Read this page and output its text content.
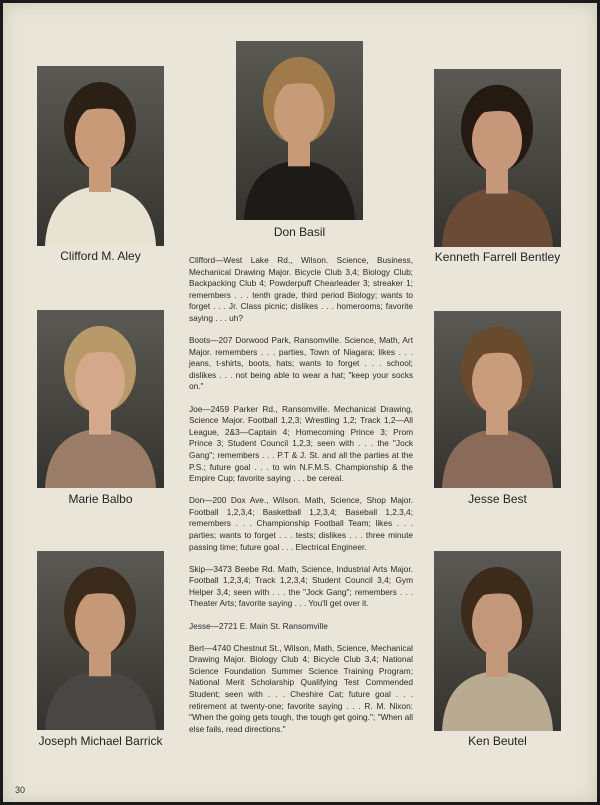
Clifford M. Aley
Don Basil
Kenneth Farrell Bentley
Marie Balbo	Jesse Best
Joseph Michael Barrick	Ken Beutel

Clifford—West Lake Rd., Wilson. Science, Business, Mechanical Drawing Major. Bicycle Club 3,4; Biology Club; Backpacking Club 4; Powderpuff Chearleader 3; streaker 1; remembers . . . tenth grade, third period Biology; wants to forget . . . Jr. Class picnic; dislikes . . . homerooms; favorite saying . . . uh?

Boots—207 Dorwood Park, Ransomville. Science, Math, Art Major. remembers . . . parties, Town of Niagara; likes . . . jeans, t-shirts, boots, hats; wants to forget . . . school; dislikes . . . not being able to wear a hat; "keep your socks on."

Joe—2459 Parker Rd., Ransomville. Mechanical Drawing, Science Major. Football 1,2,3; Wrestling 1,2; Track 1,2—All League, 2&3—Captain 4; Homecoming Prince 3; Prom Prince 3; Student Council 1,2,3; seen with . . . the "Jock Gang"; remembers . . . P.T & J. St. and all the parties at the P.S.; future goal . . . to win N.F.M.S. Championship & the Empire Cup; favorite saying . . . be cereal.

Don—200 Dox Ave., Wilson. Math, Science, Shop Major. Football 1,2,3,4; Basketball 1,2,3,4; Baseball 1,2,3,4; remembers . . . Championship Football Team; likes . . . parties; wants to forget . . . tests; dislikes . . . three minute passing time; future goal . . . Electrical Engineer.

Skip—3473 Beebe Rd. Math, Science, Industrial Arts Major. Football 1,2,3,4; Track 1,2,3,4; Student Council 3,4; Gym Helper 3,4; seen with . . . the "Jock Gang"; remembers . . . Theater Arts; favorite saying . . . You'll get over it.

Jesse—2721 E. Main St. Ransomville

Bert—4740 Chestnut St., Wilson, Math, Science, Mechanical Drawing Major. Biology Club 4; Bicycle Club 3,4; National Science Foundation Summer Science Training Program; National Merit Scholarship Qualifying Test Commended Student; seen with . . . Cheshire Cat; future goal . . . retirement at twenty-one; favorite saying . . . R. M. Nixon: "When the going gets tough, the tough get going."; "When all else fails, read directions."

30
